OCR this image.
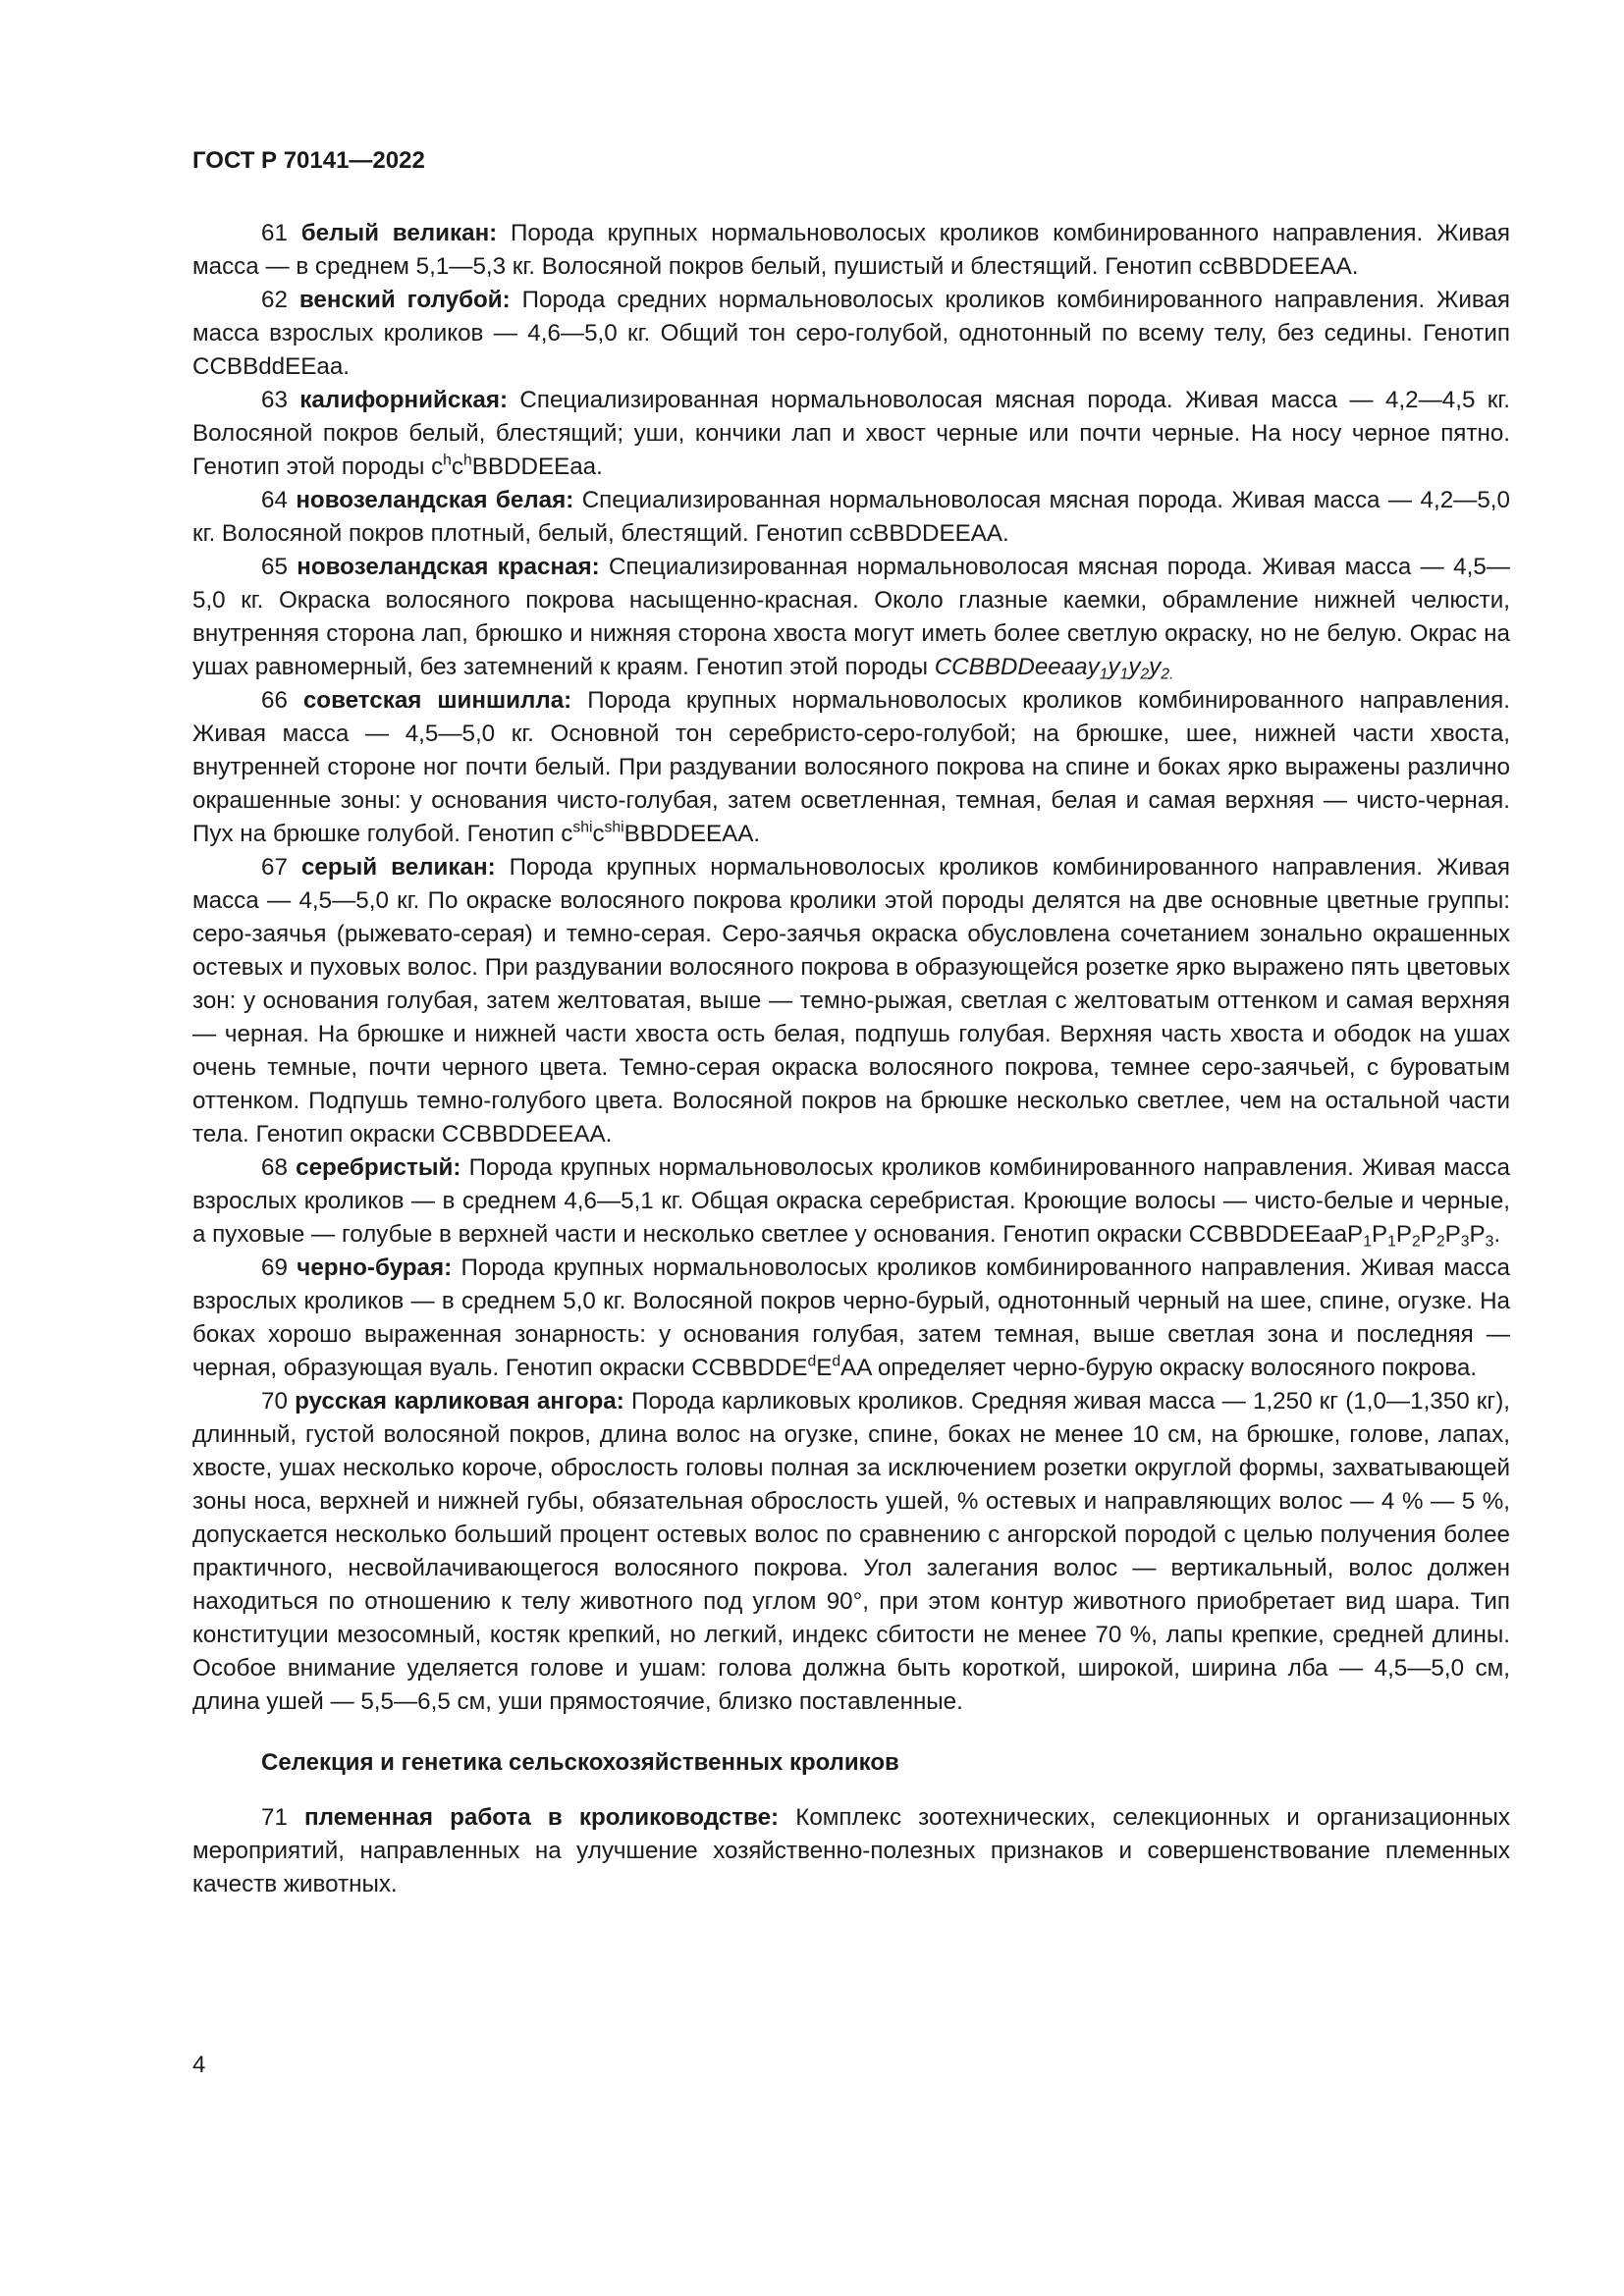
ГОСТ Р 70141—2022

61 белый великан: Порода крупных нормальноволосых кроликов комбинированного направления. Живая масса — в среднем 5,1—5,3 кг. Волосяной покров белый, пушистый и блестящий. Генотип ccBBDDEEAA.

62 венский голубой: Порода средних нормальноволосых кроликов комбинированного направления. Живая масса взрослых кроликов — 4,6—5,0 кг. Общий тон серо-голубой, однотонный по всему телу, без седины. Генотип CCBBddEEaa.

63 калифорнийская: Специализированная нормальноволосая мясная порода. Живая масса — 4,2—4,5 кг. Волосяной покров белый, блестящий; уши, кончики лап и хвост черные или почти черные. На носу черное пятно. Генотип этой породы $c^hc^hBBDDEEaa$.

64 новозеландская белая: Специализированная нормальноволосая мясная порода. Живая масса — 4,2—5,0 кг. Волосяной покров плотный, белый, блестящий. Генотип ccBBDDEEAA.

65 новозеландская красная: Специализированная нормальноволосая мясная порода. Живая масса — 4,5—5,0 кг. Окраска волосяного покрова насыщенно-красная. Около глазные каемки, обрамление нижней челюсти, внутренняя сторона лап, брюшко и нижняя сторона хвоста могут иметь более светлую окраску, но не белую. Окрас на ушах равномерный, без затемнений к краям. Генотип этой породы $CCBBDDeeaay_1y_1y_2y_{2.}$

66 советская шиншилла: Порода крупных нормальноволосых кроликов комбинированного направления. Живая масса — 4,5—5,0 кг. Основной тон серебристо-серо-голубой; на брюшке, шее, нижней части хвоста, внутренней стороне ног почти белый. При раздувании волосяного покрова на спине и боках ярко выражены различно окрашенные зоны: у основания чисто-голубая, затем осветленная, темная, белая и самая верхняя — чисто-черная. Пух на брюшке голубой. Генотип $c^{shi}c^{shi}BBDDEEAA$.

67 серый великан: Порода крупных нормальноволосых кроликов комбинированного направления. Живая масса — 4,5—5,0 кг. По окраске волосяного покрова кролики этой породы делятся на две основные цветные группы: серо-заячья (рыжевато-серая) и темно-серая. Серо-заячья окраска обусловлена сочетанием зонально окрашенных остевых и пуховых волос. При раздувании волосяного покрова в образующейся розетке ярко выражено пять цветовых зон: у основания голубая, затем желтоватая, выше — темно-рыжая, светлая с желтоватым оттенком и самая верхняя — черная. На брюшке и нижней части хвоста ость белая, подпушь голубая. Верхняя часть хвоста и ободок на ушах очень темные, почти черного цвета. Темно-серая окраска волосяного покрова, темнее серо-заячьей, с буроватым оттенком. Подпушь темно-голубого цвета. Волосяной покров на брюшке несколько светлее, чем на остальной части тела. Генотип окраски CCBBDDEEAA.

68 серебристый: Порода крупных нормальноволосых кроликов комбинированного направления. Живая масса взрослых кроликов — в среднем 4,6—5,1 кг. Общая окраска серебристая. Кроющие волосы — чисто-белые и черные, а пуховые — голубые в верхней части и несколько светлее у основания. Генотип окраски $CCBBDDEEaaP_1P_1P_2P_2P_3P_3$.

69 черно-бурая: Порода крупных нормальноволосых кроликов комбинированного направления. Живая масса взрослых кроликов — в среднем 5,0 кг. Волосяной покров черно-бурый, однотонный черный на шее, спине, огузке. На боках хорошо выраженная зонарность: у основания голубая, затем темная, выше светлая зона и последняя — черная, образующая вуаль. Генотип окраски $CCBBDDE^dE^dAA$ определяет черно-бурую окраску волосяного покрова.

70 русская карликовая ангора: Порода карликовых кроликов. Средняя живая масса — 1,250 кг (1,0—1,350 кг), длинный, густой волосяной покров, длина волос на огузке, спине, боках не менее 10 см, на брюшке, голове, лапах, хвосте, ушах несколько короче, оброслость головы полная за исключением розетки округлой формы, захватывающей зоны носа, верхней и нижней губы, обязательная оброслость ушей, % остевых и направляющих волос — 4 % — 5 %, допускается несколько больший процент остевых волос по сравнению с ангорской породой с целью получения более практичного, несвойлачивающегося волосяного покрова. Угол залегания волос — вертикальный, волос должен находиться по отношению к телу животного под углом 90°, при этом контур животного приобретает вид шара. Тип конституции мезосомный, костяк крепкий, но легкий, индекс сбитости не менее 70 %, лапы крепкие, средней длины. Особое внимание уделяется голове и ушам: голова должна быть короткой, широкой, ширина лба — 4,5—5,0 см, длина ушей — 5,5—6,5 см, уши прямостоячие, близко поставленные.

Селекция и генетика сельскохозяйственных кроликов

71 племенная работа в кролиководстве: Комплекс зоотехнических, селекционных и организационных мероприятий, направленных на улучшение хозяйственно-полезных признаков и совершенствование племенных качеств животных.

4
